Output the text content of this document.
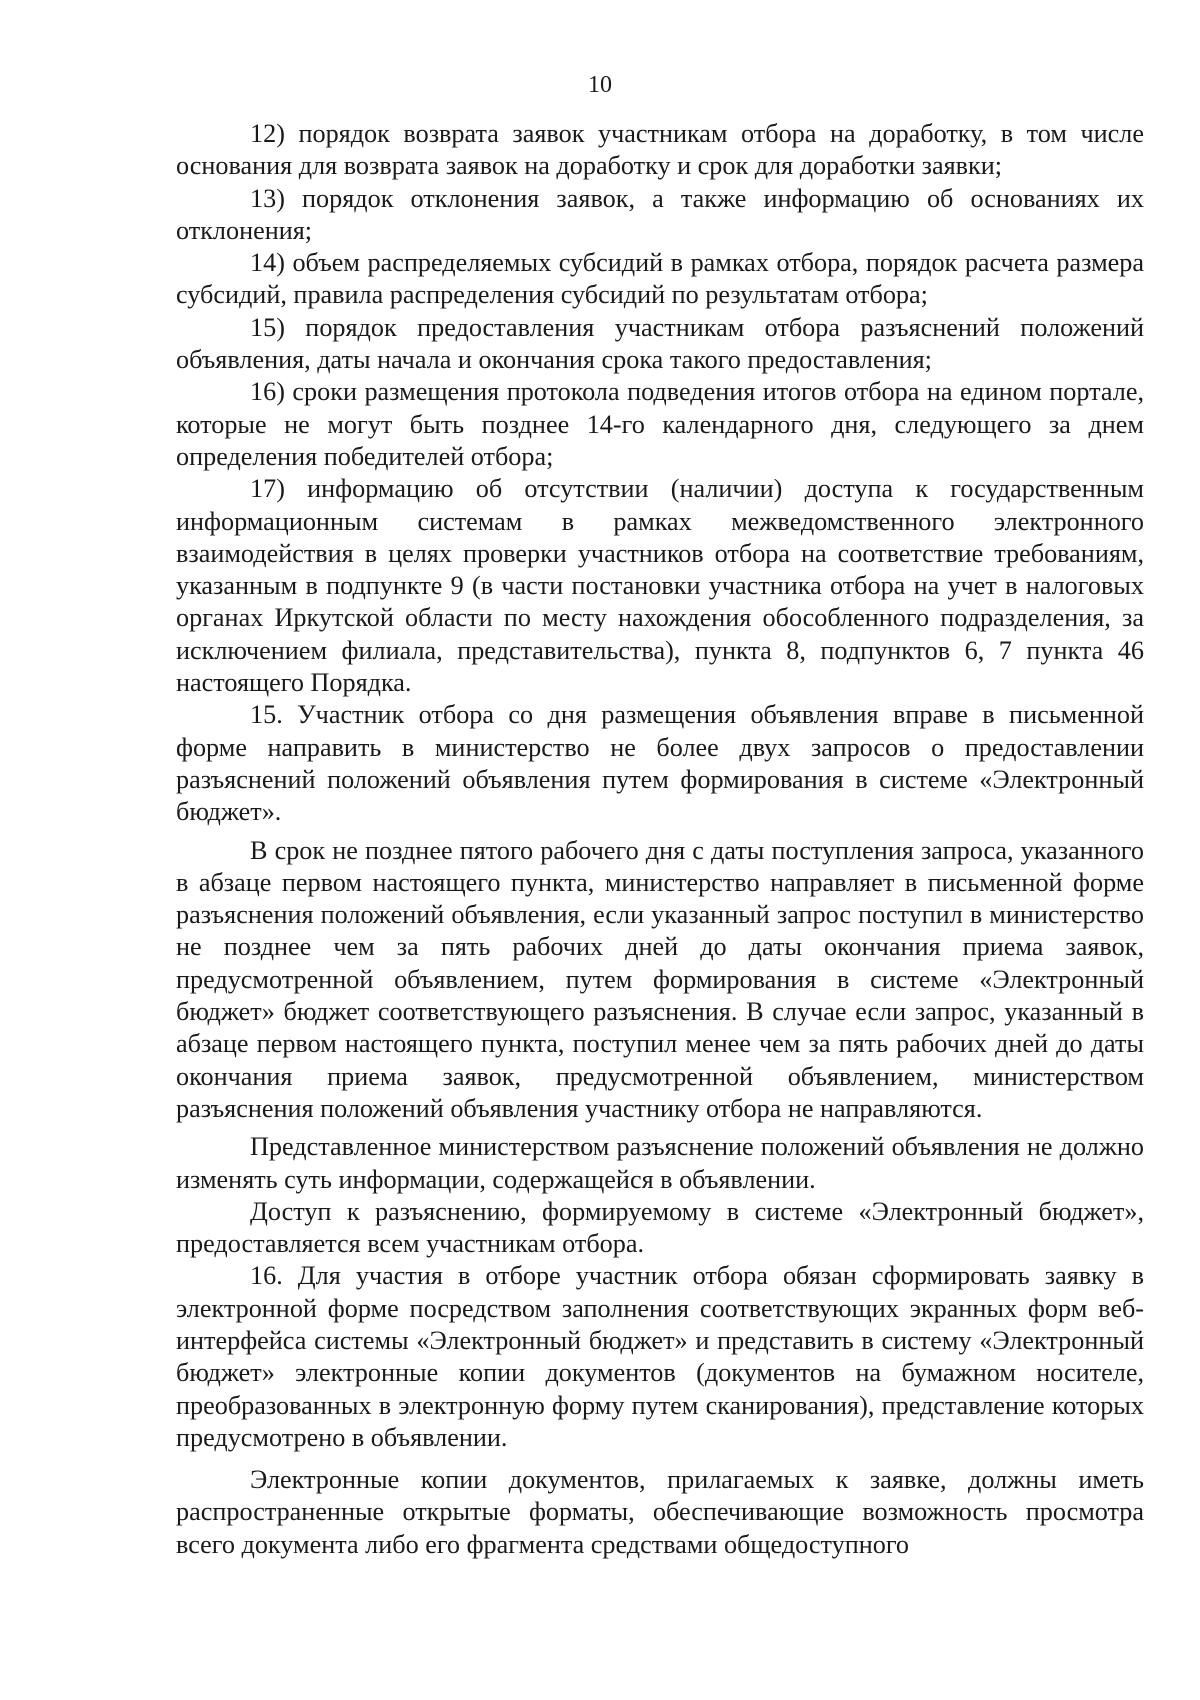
10

12) порядок возврата заявок участникам отбора на доработку, в том числе основания для возврата заявок на доработку и срок для доработки заявки;

13) порядок отклонения заявок, а также информацию об основаниях их отклонения;

14) объем распределяемых субсидий в рамках отбора, порядок расчета размера субсидий, правила распределения субсидий по результатам отбора;

15) порядок предоставления участникам отбора разъяснений положений объявления, даты начала и окончания срока такого предоставления;

16) сроки размещения протокола подведения итогов отбора на едином портале, которые не могут быть позднее 14-го календарного дня, следующего за днем определения победителей отбора;

17) информацию об отсутствии (наличии) доступа к государственным информационным системам в рамках межведомственного электронного взаимодействия в целях проверки участников отбора на соответствие требованиям, указанным в подпункте 9 (в части постановки участника отбора на учет в налоговых органах Иркутской области по месту нахождения обособленного подразделения, за исключением филиала, представительства), пункта 8, подпунктов 6, 7 пункта 46 настоящего Порядка.

15. Участник отбора со дня размещения объявления вправе в письменной форме направить в министерство не более двух запросов о предоставлении разъяснений положений объявления путем формирования в системе «Электронный бюджет».

В срок не позднее пятого рабочего дня с даты поступления запроса, указанного в абзаце первом настоящего пункта, министерство направляет в письменной форме разъяснения положений объявления, если указанный запрос поступил в министерство не позднее чем за пять рабочих дней до даты окончания приема заявок, предусмотренной объявлением, путем формирования в системе «Электронный бюджет» бюджет соответствующего разъяснения. В случае если запрос, указанный в абзаце первом настоящего пункта, поступил менее чем за пять рабочих дней до даты окончания приема заявок, предусмотренной объявлением, министерством разъяснения положений объявления участнику отбора не направляются.

Представленное министерством разъяснение положений объявления не должно изменять суть информации, содержащейся в объявлении.

Доступ к разъяснению, формируемому в системе «Электронный бюджет», предоставляется всем участникам отбора.

16. Для участия в отборе участник отбора обязан сформировать заявку в электронной форме посредством заполнения соответствующих экранных форм веб-интерфейса системы «Электронный бюджет» и представить в систему «Электронный бюджет» электронные копии документов (документов на бумажном носителе, преобразованных в электронную форму путем сканирования), представление которых предусмотрено в объявлении.

Электронные копии документов, прилагаемых к заявке, должны иметь распространенные открытые форматы, обеспечивающие возможность просмотра всего документа либо его фрагмента средствами общедоступного
